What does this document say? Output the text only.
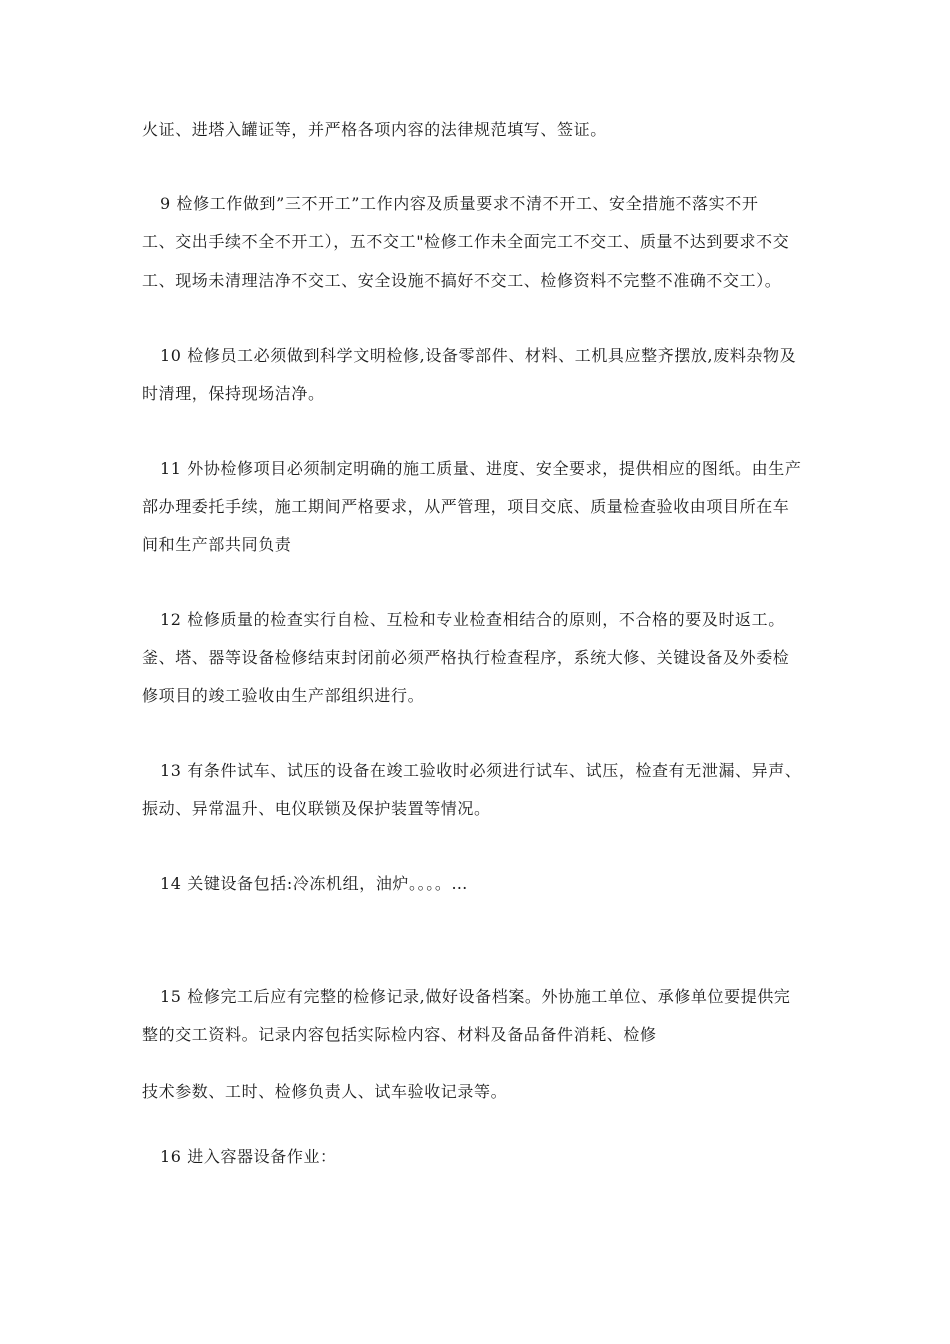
火证、进塔入罐证等，并严格各项内容的法律规范填写、签证。
9 检修工作做到”三不开工”工作内容及质量要求不清不开工、安全措施不落实不开
工、交出手续不全不开工），五不交工"检修工作未全面完工不交工、质量不达到要求不交
工、现场未清理洁净不交工、安全设施不搞好不交工、检修资料不完整不准确不交工）。
10 检修员工必须做到科学文明检修,设备零部件、材料、工机具应整齐摆放,废料杂物及
时清理，保持现场洁净。
11 外协检修项目必须制定明确的施工质量、进度、安全要求，提供相应的图纸。由生产
部办理委托手续，施工期间严格要求，从严管理，项目交底、质量检查验收由项目所在车
间和生产部共同负责
12 检修质量的检查实行自检、互检和专业检查相结合的原则，不合格的要及时返工。
釜、塔、器等设备检修结束封闭前必须严格执行检查程序，系统大修、关键设备及外委检
修项目的竣工验收由生产部组织进行。
13 有条件试车、试压的设备在竣工验收时必须进行试车、试压，检查有无泄漏、异声、
振动、异常温升、电仪联锁及保护装置等情况。
14 关键设备包括:冷冻机组，油炉。。。。…
15 检修完工后应有完整的检修记录,做好设备档案。外协施工单位、承修单位要提供完
整的交工资料。记录内容包括实际检内容、材料及备品备件消耗、检修
技术参数、工时、检修负责人、试车验收记录等。
16 进入容器设备作业：
